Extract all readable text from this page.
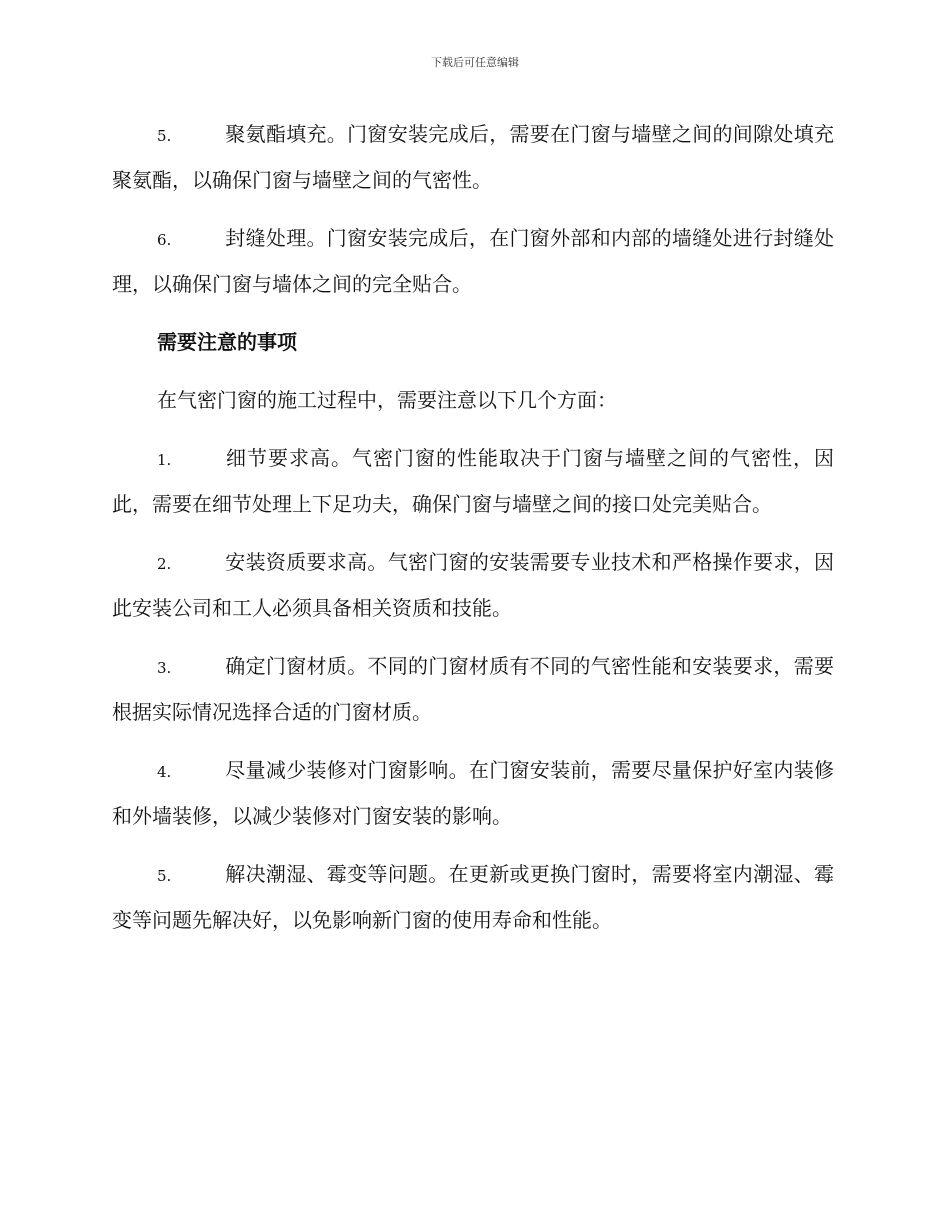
下载后可任意编辑

5.	聚氨酯填充。门窗安装完成后，需要在门窗与墙壁之间的间隙处填充聚氨酯，以确保门窗与墙壁之间的气密性。

6.	封缝处理。门窗安装完成后，在门窗外部和内部的墙缝处进行封缝处理，以确保门窗与墙体之间的完全贴合。

需要注意的事项

在气密门窗的施工过程中，需要注意以下几个方面：

1.	细节要求高。气密门窗的性能取决于门窗与墙壁之间的气密性，因此，需要在细节处理上下足功夫，确保门窗与墙壁之间的接口处完美贴合。

2.	安装资质要求高。气密门窗的安装需要专业技术和严格操作要求，因此安装公司和工人必须具备相关资质和技能。

3.	确定门窗材质。不同的门窗材质有不同的气密性能和安装要求，需要根据实际情况选择合适的门窗材质。

4.	尽量减少装修对门窗影响。在门窗安装前，需要尽量保护好室内装修和外墙装修，以减少装修对门窗安装的影响。

5.	解决潮湿、霉变等问题。在更新或更换门窗时，需要将室内潮湿、霉变等问题先解决好，以免影响新门窗的使用寿命和性能。
